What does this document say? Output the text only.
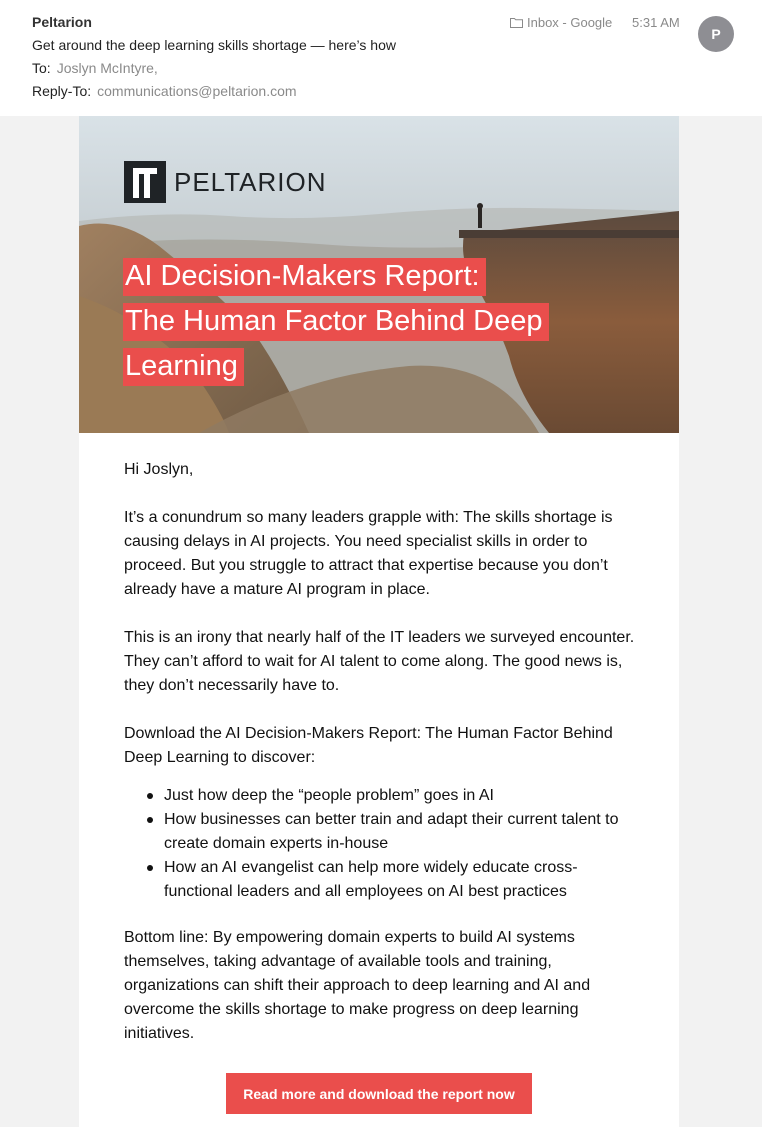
Peltarion
Get around the deep learning skills shortage — here’s how
To: Joslyn McIntyre,
Reply-To: communications@peltarion.com
Inbox - Google 5:31 AM
P
PELTARION
AI Decision-Makers Report:
The Human Factor Behind Deep
Learning

Hi Joslyn,

It’s a conundrum so many leaders grapple with: The skills shortage is causing delays in AI projects. You need specialist skills in order to proceed. But you struggle to attract that expertise because you don’t already have a mature AI program in place.

This is an irony that nearly half of the IT leaders we surveyed encounter. They can’t afford to wait for AI talent to come along. The good news is, they don’t necessarily have to.

Download the AI Decision-Makers Report: The Human Factor Behind Deep Learning to discover:

Just how deep the “people problem” goes in AI
How businesses can better train and adapt their current talent to create domain experts in-house
How an AI evangelist can help more widely educate cross-functional leaders and all employees on AI best practices

Bottom line: By empowering domain experts to build AI systems themselves, taking advantage of available tools and training, organizations can shift their approach to deep learning and AI and overcome the skills shortage to make progress on deep learning initiatives.

Read more and download the report now
